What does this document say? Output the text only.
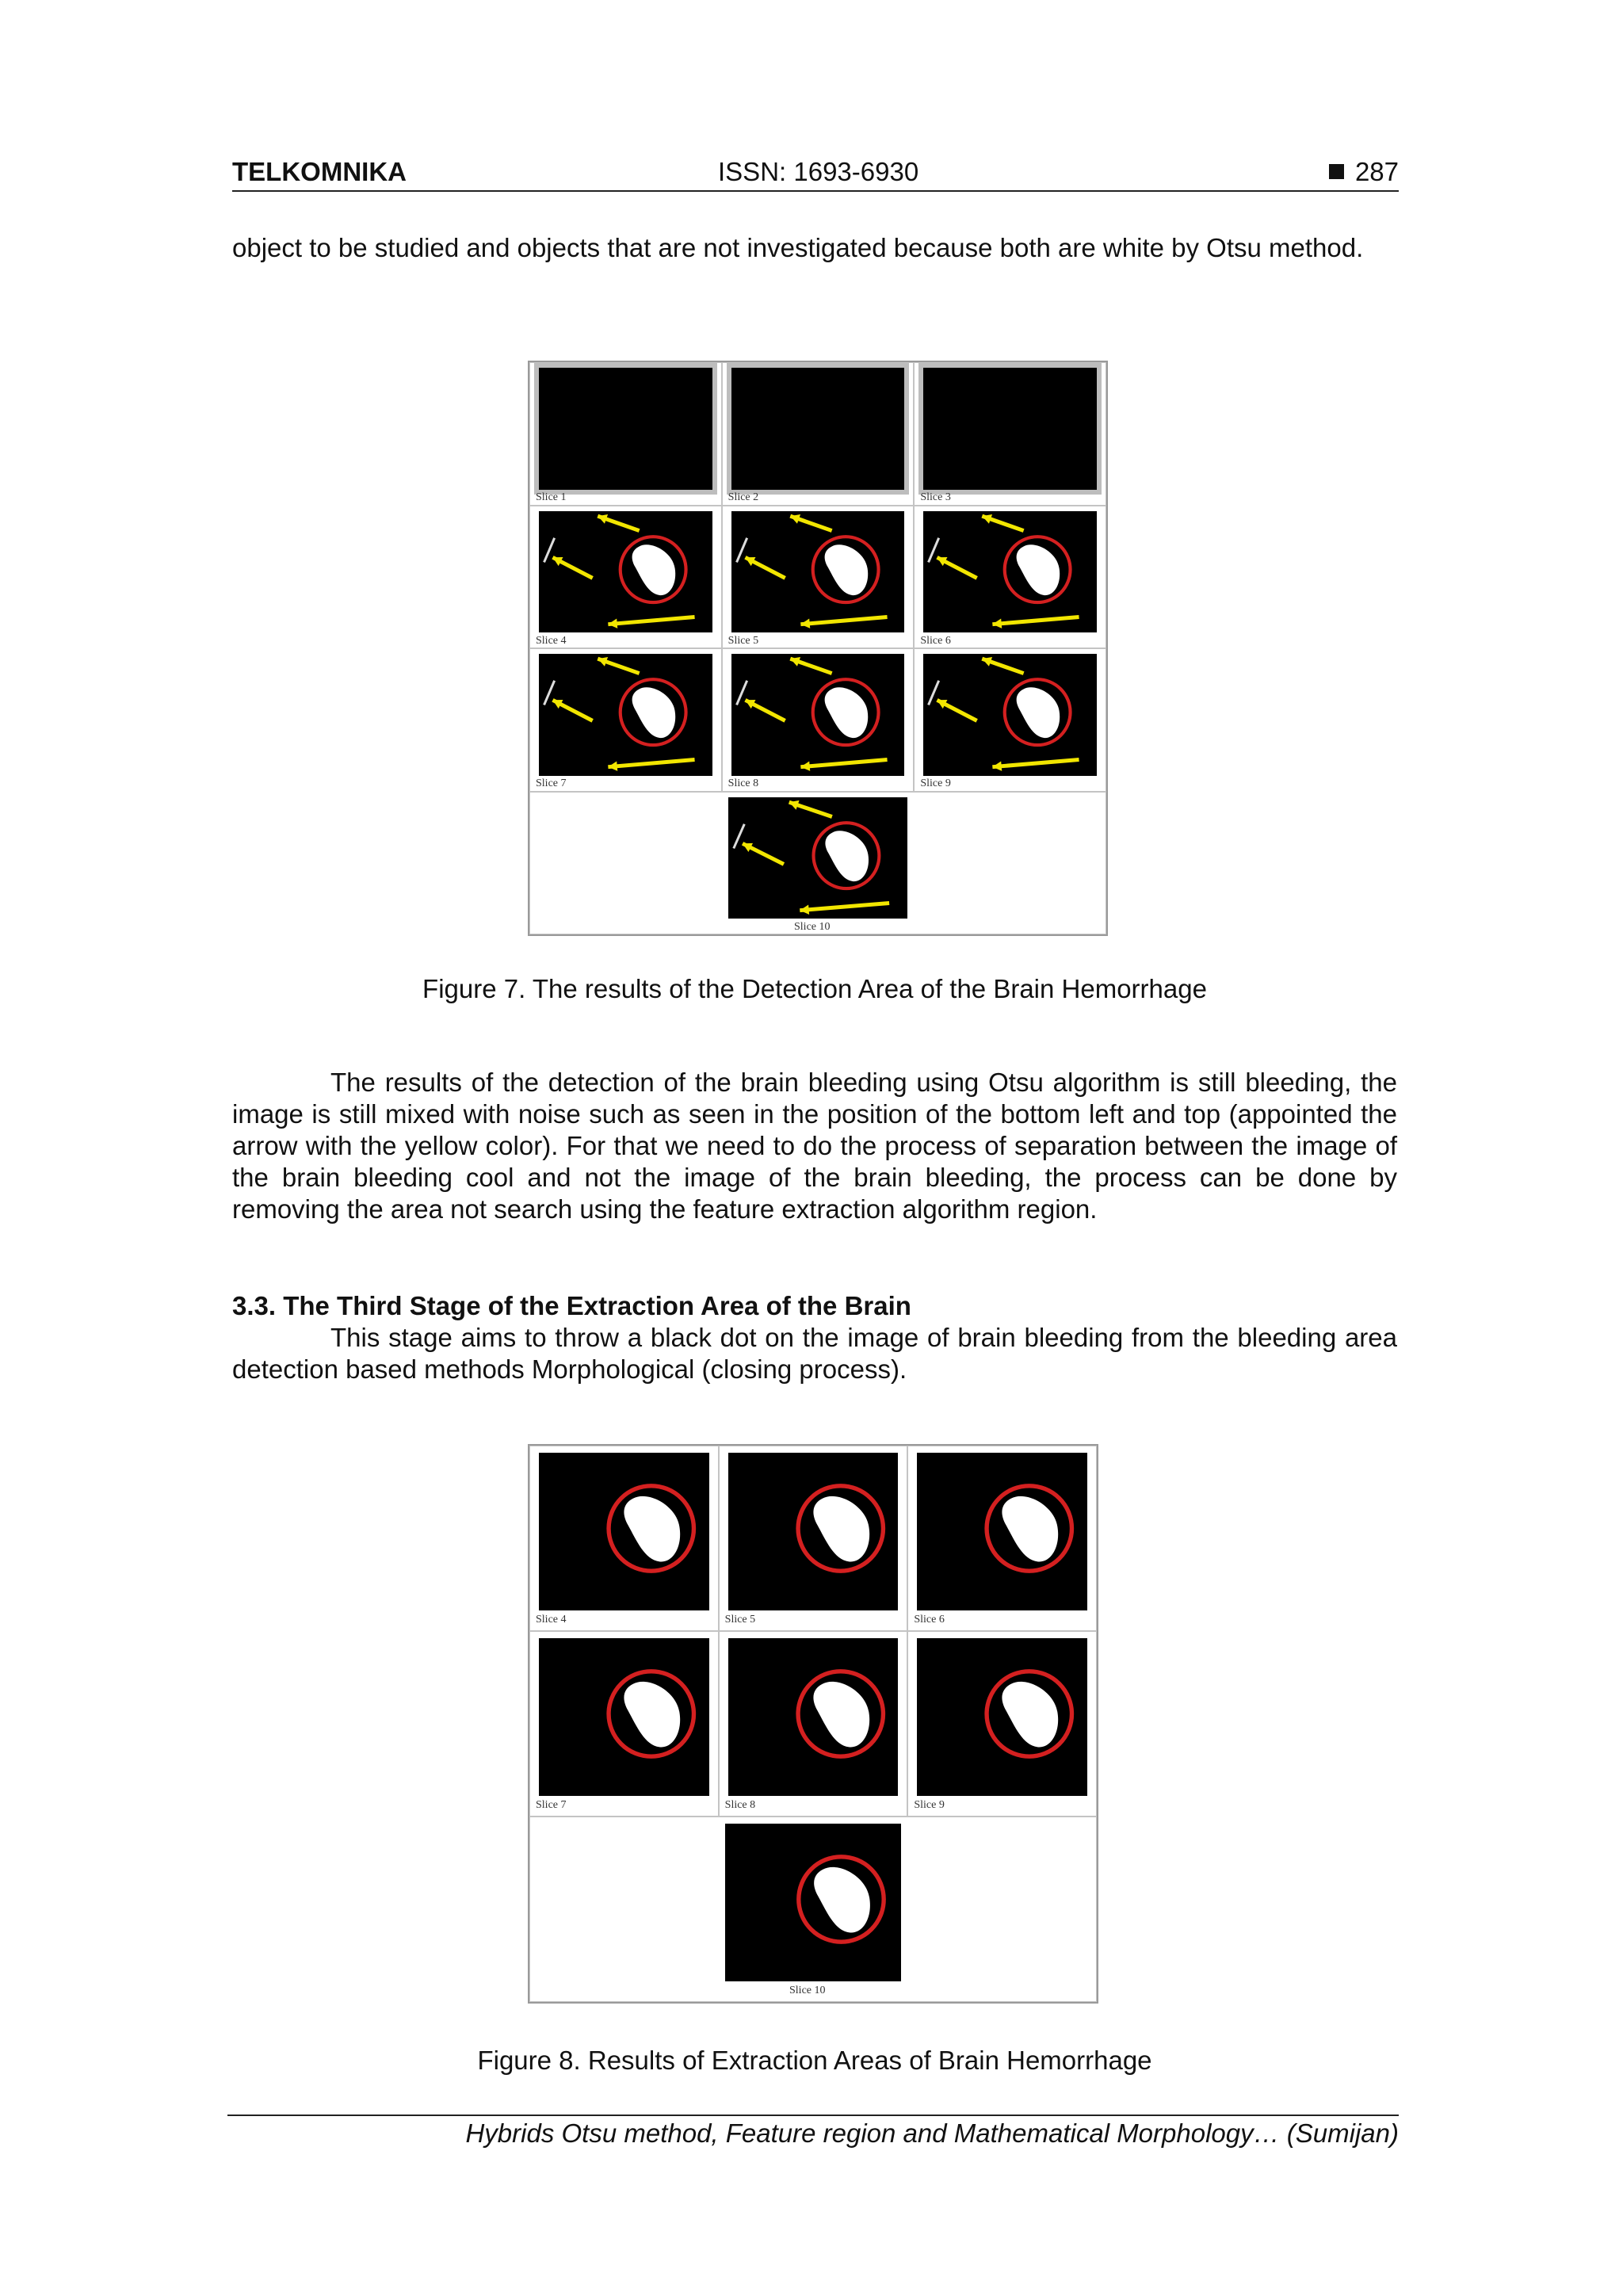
TELKOMNIKA	ISSN: 1693-6930	287

object to be studied and objects that are not investigated because both are white by Otsu method.

Slice 1	Slice 2	Slice 3
Slice 4	Slice 5	Slice 6
Slice 7	Slice 8	Slice 9
Slice 10
Figure 7. The results of the Detection Area of the Brain Hemorrhage

The results of the detection of the brain bleeding using Otsu algorithm is still bleeding, the image is still mixed with noise such as seen in the position of the bottom left and top (appointed the arrow with the yellow color). For that we need to do the process of separation between the image of the brain bleeding cool and not the image of the brain bleeding, the process can be done by removing the area not search using the feature extraction algorithm region.

3.3. The Third Stage of the Extraction Area of the Brain

This stage aims to throw a black dot on the image of brain bleeding from the bleeding area detection based methods Morphological (closing process).

Slice 4	Slice 5	Slice 6
Slice 7	Slice 8	Slice 9
Slice 10
Figure 8. Results of Extraction Areas of Brain Hemorrhage
Hybrids Otsu method, Feature region and Mathematical Morphology… (Sumijan)
